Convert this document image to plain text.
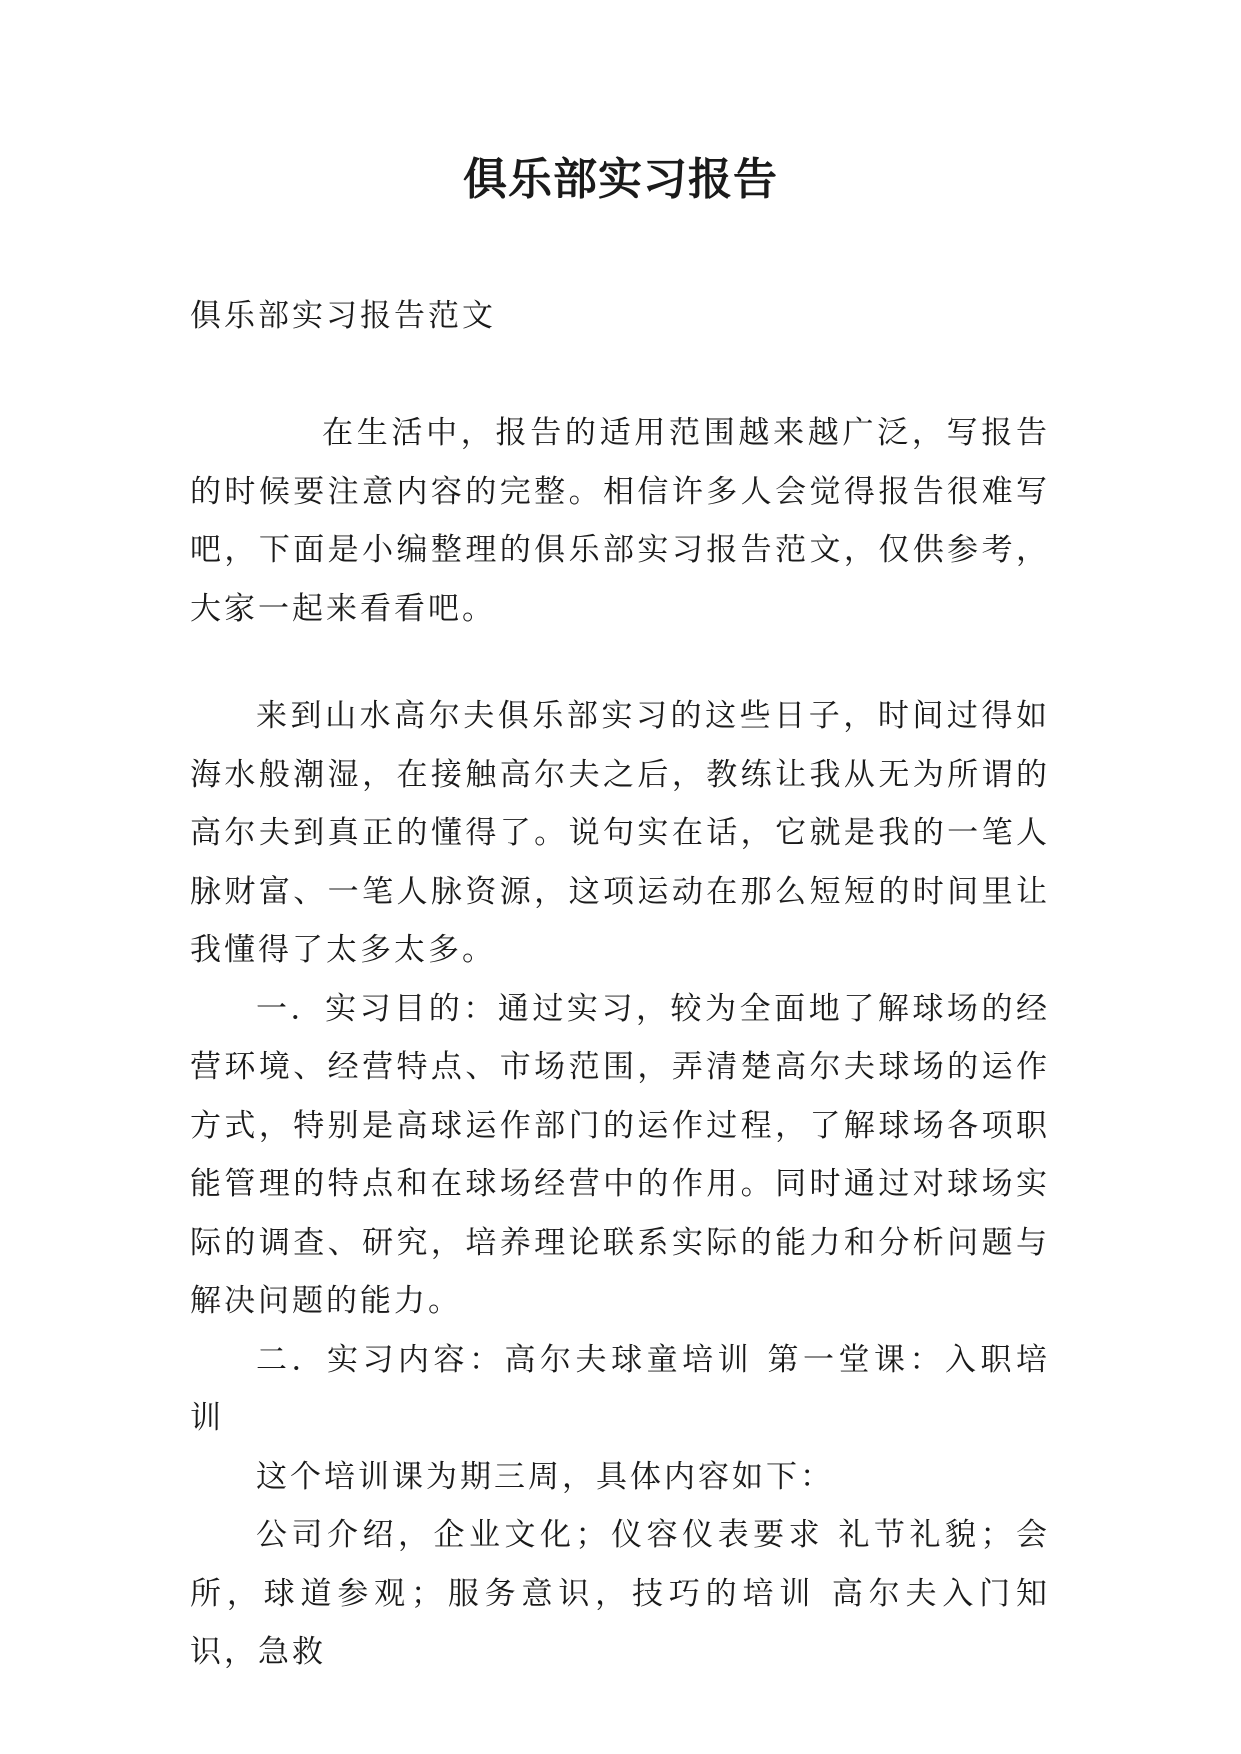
俱乐部实习报告

俱乐部实习报告范文

在生活中，报告的适用范围越来越广泛，写报告的时候要注意内容的完整。相信许多人会觉得报告很难写吧，下面是小编整理的俱乐部实习报告范文，仅供参考，大家一起来看看吧。

来到山水高尔夫俱乐部实习的这些日子，时间过得如海水般潮湿，在接触高尔夫之后，教练让我从无为所谓的高尔夫到真正的懂得了。说句实在话，它就是我的一笔人脉财富、一笔人脉资源，这项运动在那么短短的时间里让我懂得了太多太多。

一．实习目的：通过实习，较为全面地了解球场的经营环境、经营特点、市场范围，弄清楚高尔夫球场的运作方式，特别是高球运作部门的运作过程，了解球场各项职能管理的特点和在球场经营中的作用。同时通过对球场实际的调查、研究，培养理论联系实际的能力和分析问题与解决问题的能力。

二．实习内容：高尔夫球童培训 第一堂课：入职培训

这个培训课为期三周，具体内容如下：

公司介绍，企业文化；仪容仪表要求 礼节礼貌；会所，球道参观；服务意识，技巧的培训 高尔夫入门知识，急救
